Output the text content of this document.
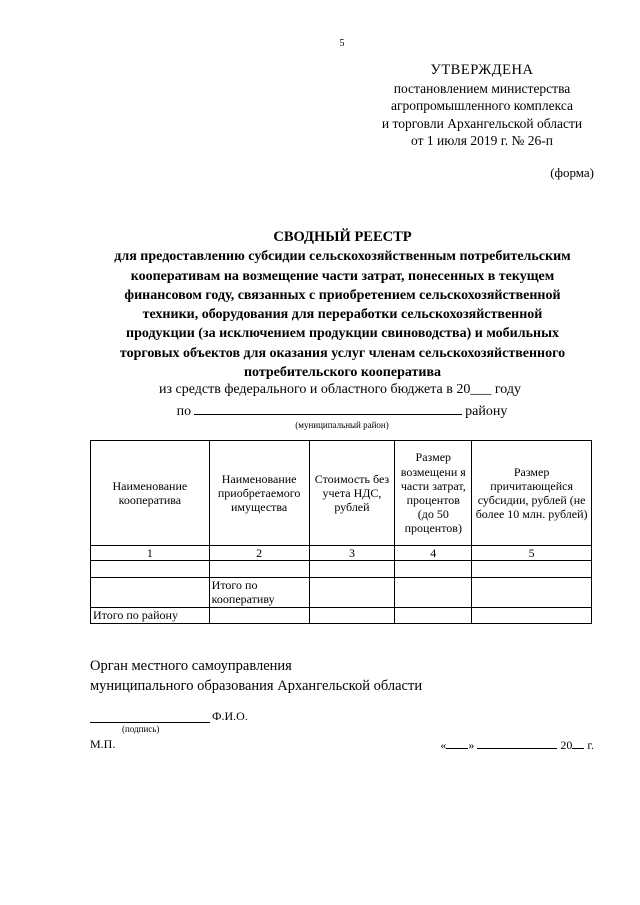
5
УТВЕРЖДЕНА
постановлением министерства
агропромышленного комплекса
и торговли Архангельской области
от 1 июля 2019 г. № 26-п
(форма)
СВОДНЫЙ РЕЕСТР
для предоставлению субсидии сельскохозяйственным потребительским
кооперативам на возмещение части затрат, понесенных в текущем
финансовом году, связанных с приобретением сельскохозяйственной
техники, оборудования для переработки сельскохозяйственной
продукции (за исключением продукции свиноводства) и мобильных
торговых объектов для оказания услуг членам сельскохозяйственного
потребительского кооператива
из средств федерального и областного бюджета в 20___ году
по	району
(муниципальный район)
Наименование кооператива	Наименование приобретаемого имущества	Стоимость без учета НДС, рублей	Размер возмещени я части затрат, процентов (до 50 процентов)	Размер причитающейся субсидии, рублей (не более 10 млн. рублей)
1	2	3	4	5

	Итого по кооперативу			
Итого по району				
Орган местного самоуправления
муниципального образования Архангельской области
Ф.И.О.
(подпись)
М.П.	« »	20 г.
